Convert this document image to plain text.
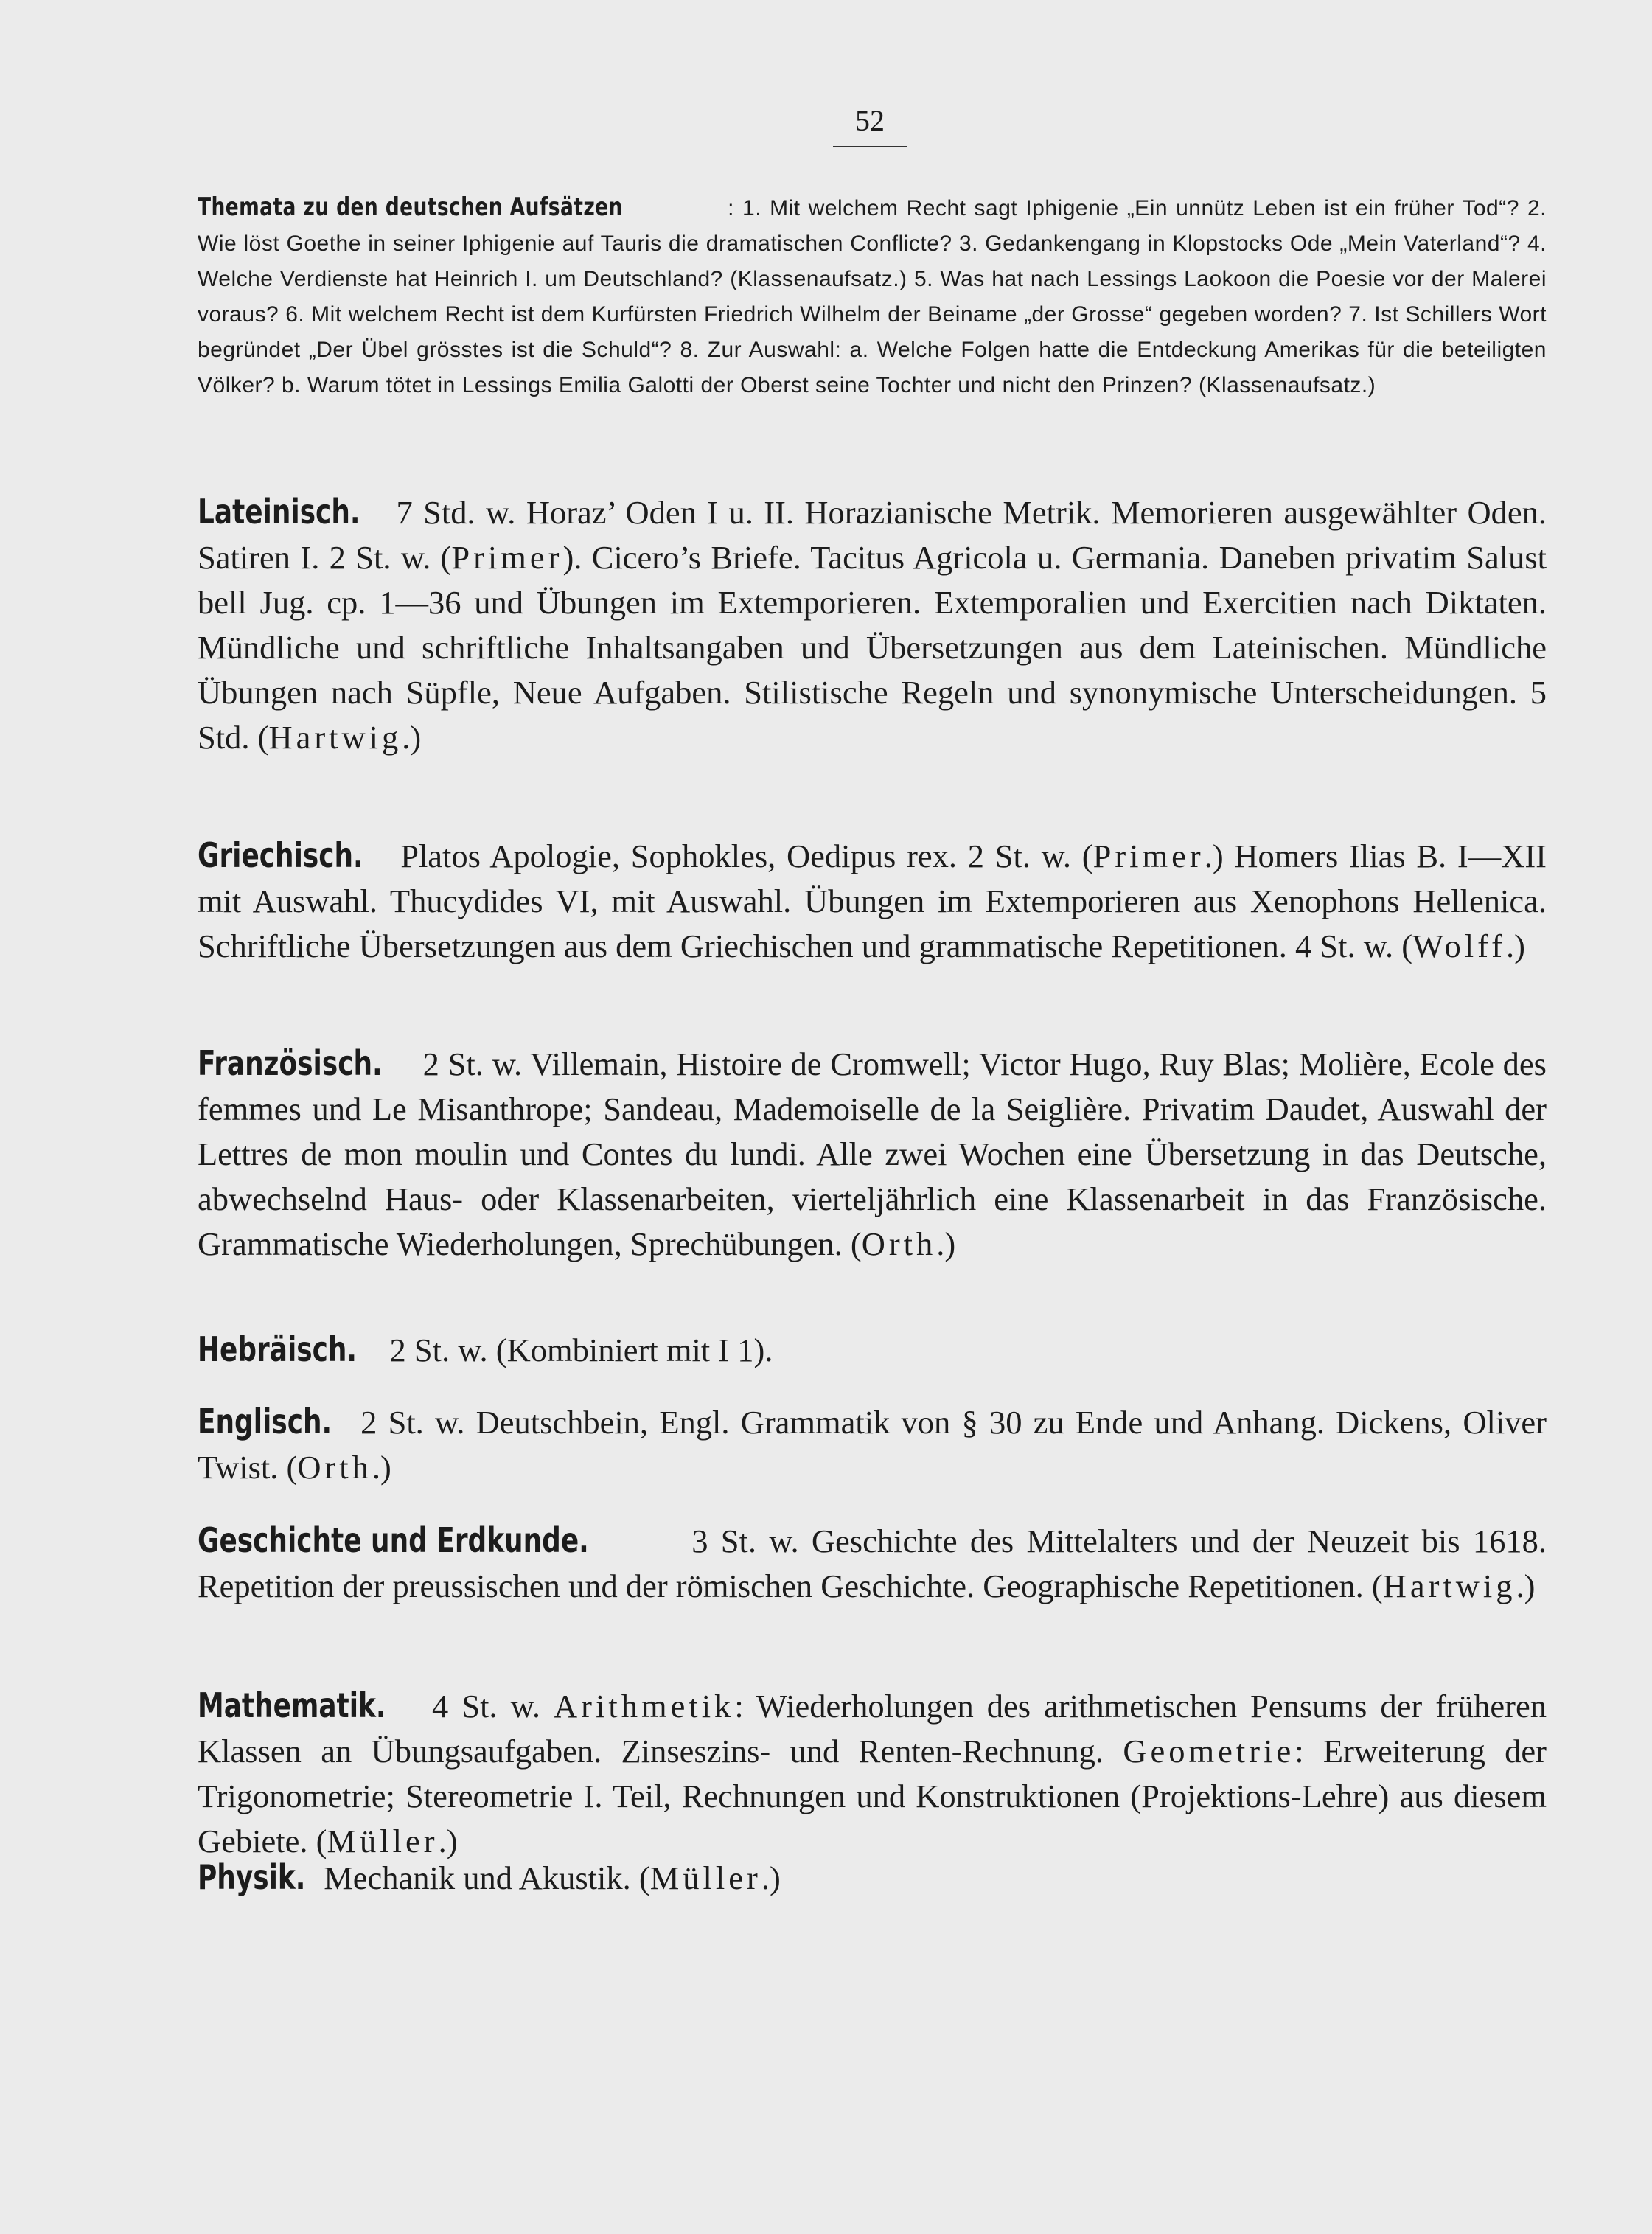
52
Themata zu den deutschen Aufsätzen	: 1. Mit welchem Recht sagt Iphigenie „Ein unnütz Leben ist ein früher Tod“? 2. Wie löst Goethe in seiner Iphigenie auf Tauris die dramatischen Conflicte? 3. Gedankengang in Klopstocks Ode „Mein Vaterland“? 4. Welche Verdienste hat Heinrich I. um Deutschland? (Klassenaufsatz.) 5. Was hat nach Lessings Laokoon die Poesie vor der Malerei voraus? 6. Mit welchem Recht ist dem Kurfürsten Friedrich Wilhelm der Beiname „der Grosse“ gegeben worden? 7. Ist Schillers Wort begründet „Der Übel grösstes ist die Schuld“? 8. Zur Auswahl: a. Welche Folgen hatte die Entdeckung Amerikas für die beteiligten Völker? b. Warum tötet in Lessings Emilia Galotti der Oberst seine Tochter und nicht den Prinzen? (Klassenaufsatz.)
Lateinisch. 7 Std. w. Horaz’ Oden I u. II. Horazianische Metrik. Memorieren ausgewählter Oden. Satiren I. 2 St. w. (Primer). Cicero’s Briefe. Tacitus Agricola u. Germania. Daneben privatim Salust bell Jug. cp. 1—36 und Übungen im Extemporieren. Extemporalien und Exercitien nach Diktaten. Mündliche und schriftliche Inhaltsangaben und Übersetzungen aus dem Lateinischen. Mündliche Übungen nach Süpfle, Neue Aufgaben. Stilistische Regeln und synonymische Unterscheidungen. 5 Std. (Hartwig.)
Griechisch. Platos Apologie, Sophokles, Oedipus rex. 2 St. w. (Primer.) Homers Ilias B. I—XII mit Auswahl. Thucydides VI, mit Auswahl. Übungen im Extemporieren aus Xenophons Hellenica. Schriftliche Übersetzungen aus dem Griechischen und grammatische Repetitionen. 4 St. w. (Wolff.)
Französisch. 2 St. w. Villemain, Histoire de Cromwell; Victor Hugo, Ruy Blas; Molière, Ecole des femmes und Le Misanthrope; Sandeau, Mademoiselle de la Seiglière. Privatim Daudet, Auswahl der Lettres de mon moulin und Contes du lundi. Alle zwei Wochen eine Übersetzung in das Deutsche, abwechselnd Haus- oder Klassenarbeiten, vierteljährlich eine Klassenarbeit in das Französische. Grammatische Wiederholungen, Sprechübungen. (Orth.)
Hebräisch. 2 St. w. (Kombiniert mit I 1).
Englisch. 2 St. w. Deutschbein, Engl. Grammatik von § 30 zu Ende und Anhang. Dickens, Oliver Twist. (Orth.)
Geschichte und Erdkunde.	3 St. w. Geschichte des Mittelalters und der Neuzeit bis 1618. Repetition der preussischen und der römischen Geschichte. Geographische Repetitionen. (Hartwig.)
Mathematik. 4 St. w. Arithmetik: Wiederholungen des arithmetischen Pensums der früheren Klassen an Übungsaufgaben. Zinseszins- und Renten-Rechnung. Geometrie: Erweiterung der Trigonometrie; Stereometrie I. Teil, Rechnungen und Konstruktionen (Projektions-Lehre) aus diesem Gebiete. (Müller.)
Physik. Mechanik und Akustik. (Müller.)
